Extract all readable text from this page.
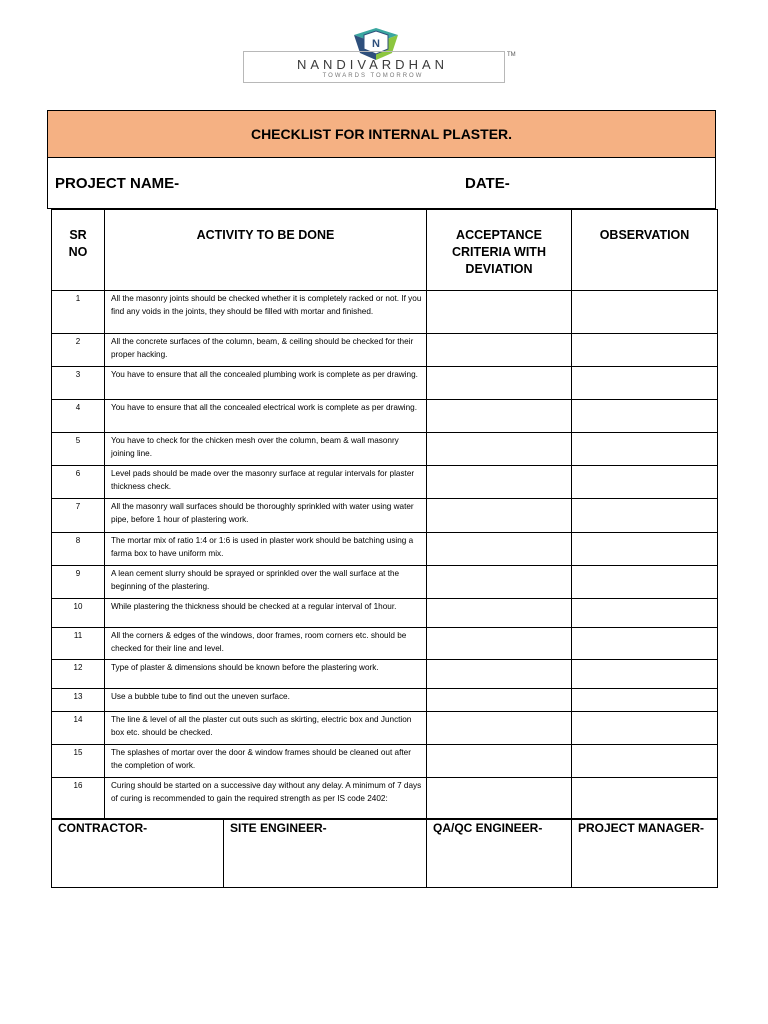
N
NANDIVARDHAN
TOWARDS TOMORROW
TM
CHECKLIST FOR INTERNAL PLASTER.
PROJECT NAME-	DATE-
SR
NO	ACTIVITY TO BE DONE	ACCEPTANCE CRITERIA WITH DEVIATION	OBSERVATION

1	All the masonry joints should be checked whether it is completely racked or not. If you find any voids in the joints, they should be filled with mortar and finished.		
2	All the concrete surfaces of the column, beam, & ceiling should be checked for their proper hacking.		
3	You have to ensure that all the concealed plumbing work is complete as per drawing.		
4	You have to ensure that all the concealed electrical work is complete as per drawing.		
5	You have to check for the chicken mesh over the column, beam & wall masonry joining line.		
6	Level pads should be made over the masonry surface at regular intervals for plaster thickness check.		
7	All the masonry wall surfaces should be thoroughly sprinkled with water using water pipe, before 1 hour of plastering work.		
8	The mortar mix of ratio 1:4 or 1:6 is used in plaster work should be batching using a farma box to have uniform mix.		
9	A lean cement slurry should be sprayed or sprinkled over the wall surface at the beginning of the plastering.		
10	While plastering the thickness should be checked at a regular interval of 1hour.		
11	All the corners & edges of the windows, door frames, room corners etc. should be checked for their line and level.		
12	Type of plaster & dimensions should be known before the plastering work.		
13	Use a bubble tube to find out the uneven surface.		
14	The line & level of all the plaster cut outs such as skirting, electric box and Junction box etc. should be checked.		
15	The splashes of mortar over the door & window frames should be cleaned out after the completion of work.		
16	Curing should be started on a successive day without any delay. A minimum of 7 days of curing is recommended to gain the required strength as per IS code 2402:		
CONTRACTOR-	SITE ENGINEER-	QA/QC ENGINEER-	PROJECT MANAGER-
